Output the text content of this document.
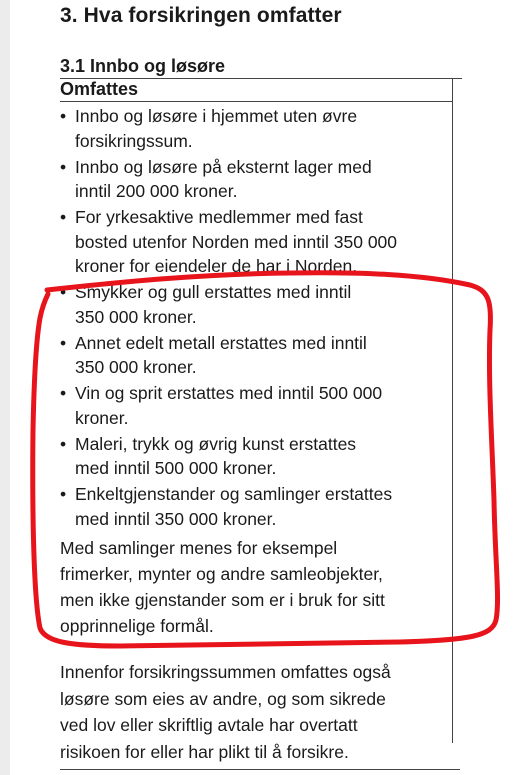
3. Hva forsikringen omfatter
3.1 Innbo og løsøre
Omfattes
• Innbo og løsøre i hjemmet uten øvre
forsikringssum.
• Innbo og løsøre på eksternt lager med
inntil 200 000 kroner.
• For yrkesaktive medlemmer med fast
bosted utenfor Norden med inntil 350 000
kroner for eiendeler de har i Norden.
• Smykker og gull erstattes med inntil
350 000 kroner.
• Annet edelt metall erstattes med inntil
350 000 kroner.
• Vin og sprit erstattes med inntil 500 000
kroner.
• Maleri, trykk og øvrig kunst erstattes
med inntil 500 000 kroner.
• Enkeltgjenstander og samlinger erstattes
med inntil 350 000 kroner.

Med samlinger menes for eksempel
frimerker, mynter og andre samleobjekter,
men ikke gjenstander som er i bruk for sitt
opprinnelige formål.

Innenfor forsikringssummen omfattes også
løsøre som eies av andre, og som sikrede
ved lov eller skriftlig avtale har overtatt
risikoen for eller har plikt til å forsikre.
